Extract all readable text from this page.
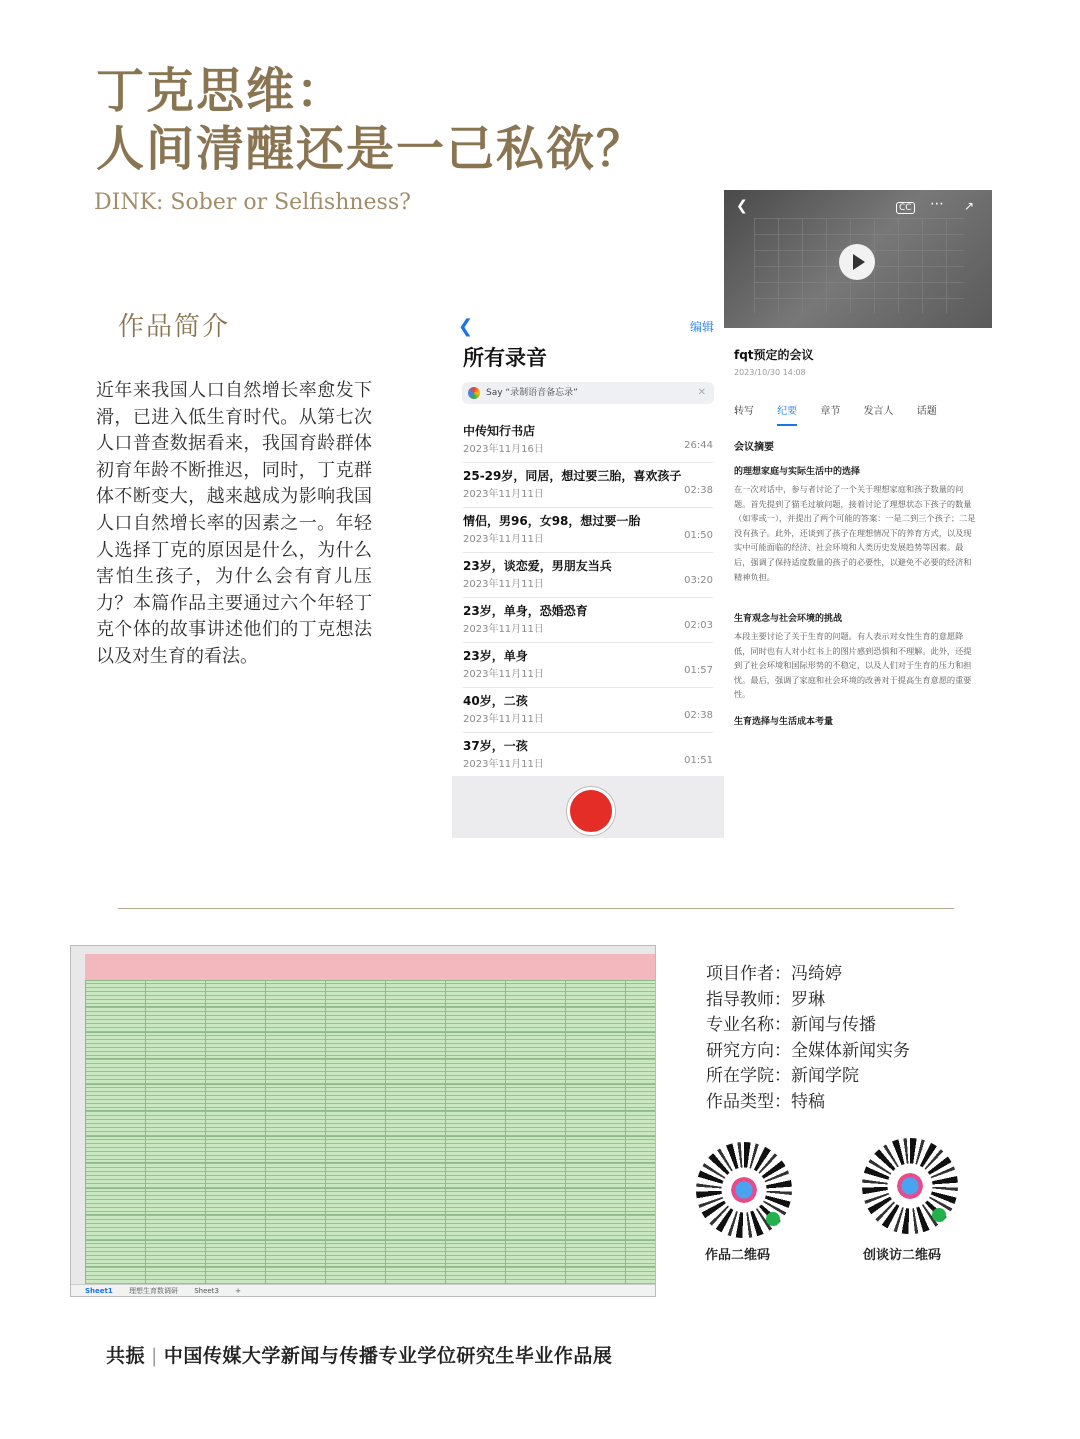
丁克思维：
人间清醒还是一己私欲？
DINK: Sober or Selfishness?
作品简介
近年来我国人口自然增长率愈发下滑，已进入低生育时代。从第七次人口普查数据看来，我国育龄群体初育年龄不断推迟，同时，丁克群体不断变大，越来越成为影响我国人口自然增长率的因素之一。年轻人选择丁克的原因是什么，为什么害怕生孩子，为什么会有育儿压力？本篇作品主要通过六个年轻丁克个体的故事讲述他们的丁克想法以及对生育的看法。
❮	编辑
所有录音
Say “录制语音备忘录”	✕
中传知行书店
2023年11月16日	26:44
25-29岁，同居，想过要三胎，喜欢孩子
2023年11月11日	02:38
情侣，男96，女98，想过要一胎
2023年11月11日	01:50
23岁，谈恋爱，男朋友当兵
2023年11月11日	03:20
23岁，单身，恐婚恐育
2023年11月11日	02:03
23岁，单身
2023年11月11日	01:57
40岁，二孩
2023年11月11日	02:38
37岁，一孩
2023年11月11日	01:51
❮	CC ⋯ ↗
fqt预定的会议
2023/10/30 14:08
转写 纪要 章节 发言人 话题
会议摘要
的理想家庭与实际生活中的选择
在一次对话中，参与者讨论了一个关于理想家庭和孩子数量的问题。首先提到了猫毛过敏问题，接着讨论了理想状态下孩子的数量（如零或一），并提出了两个可能的答案：一是二到三个孩子；二是没有孩子。此外，还谈到了孩子在理想情况下的养育方式，以及现实中可能面临的经济、社会环境和人类历史发展趋势等因素。最后，强调了保持适度数量的孩子的必要性，以避免不必要的经济和精神负担。
生育观念与社会环境的挑战
本段主要讨论了关于生育的问题。有人表示对女性生育的意愿降低，同时也有人对小红书上的图片感到恐惧和不理解。此外，还提到了社会环境和国际形势的不稳定，以及人们对于生育的压力和担忧。最后，强调了家庭和社会环境的改善对于提高生育意愿的重要性。
生育选择与生活成本考量
Sheet1 理想生育数调研 Sheet3 +
项目作者：冯绮婷
指导教师：罗琳
专业名称：新闻与传播
研究方向：全媒体新闻实务
所在学院：新闻学院
作品类型：特稿
作品二维码	创谈访二维码
共振 | 中国传媒大学新闻与传播专业学位研究生毕业作品展
